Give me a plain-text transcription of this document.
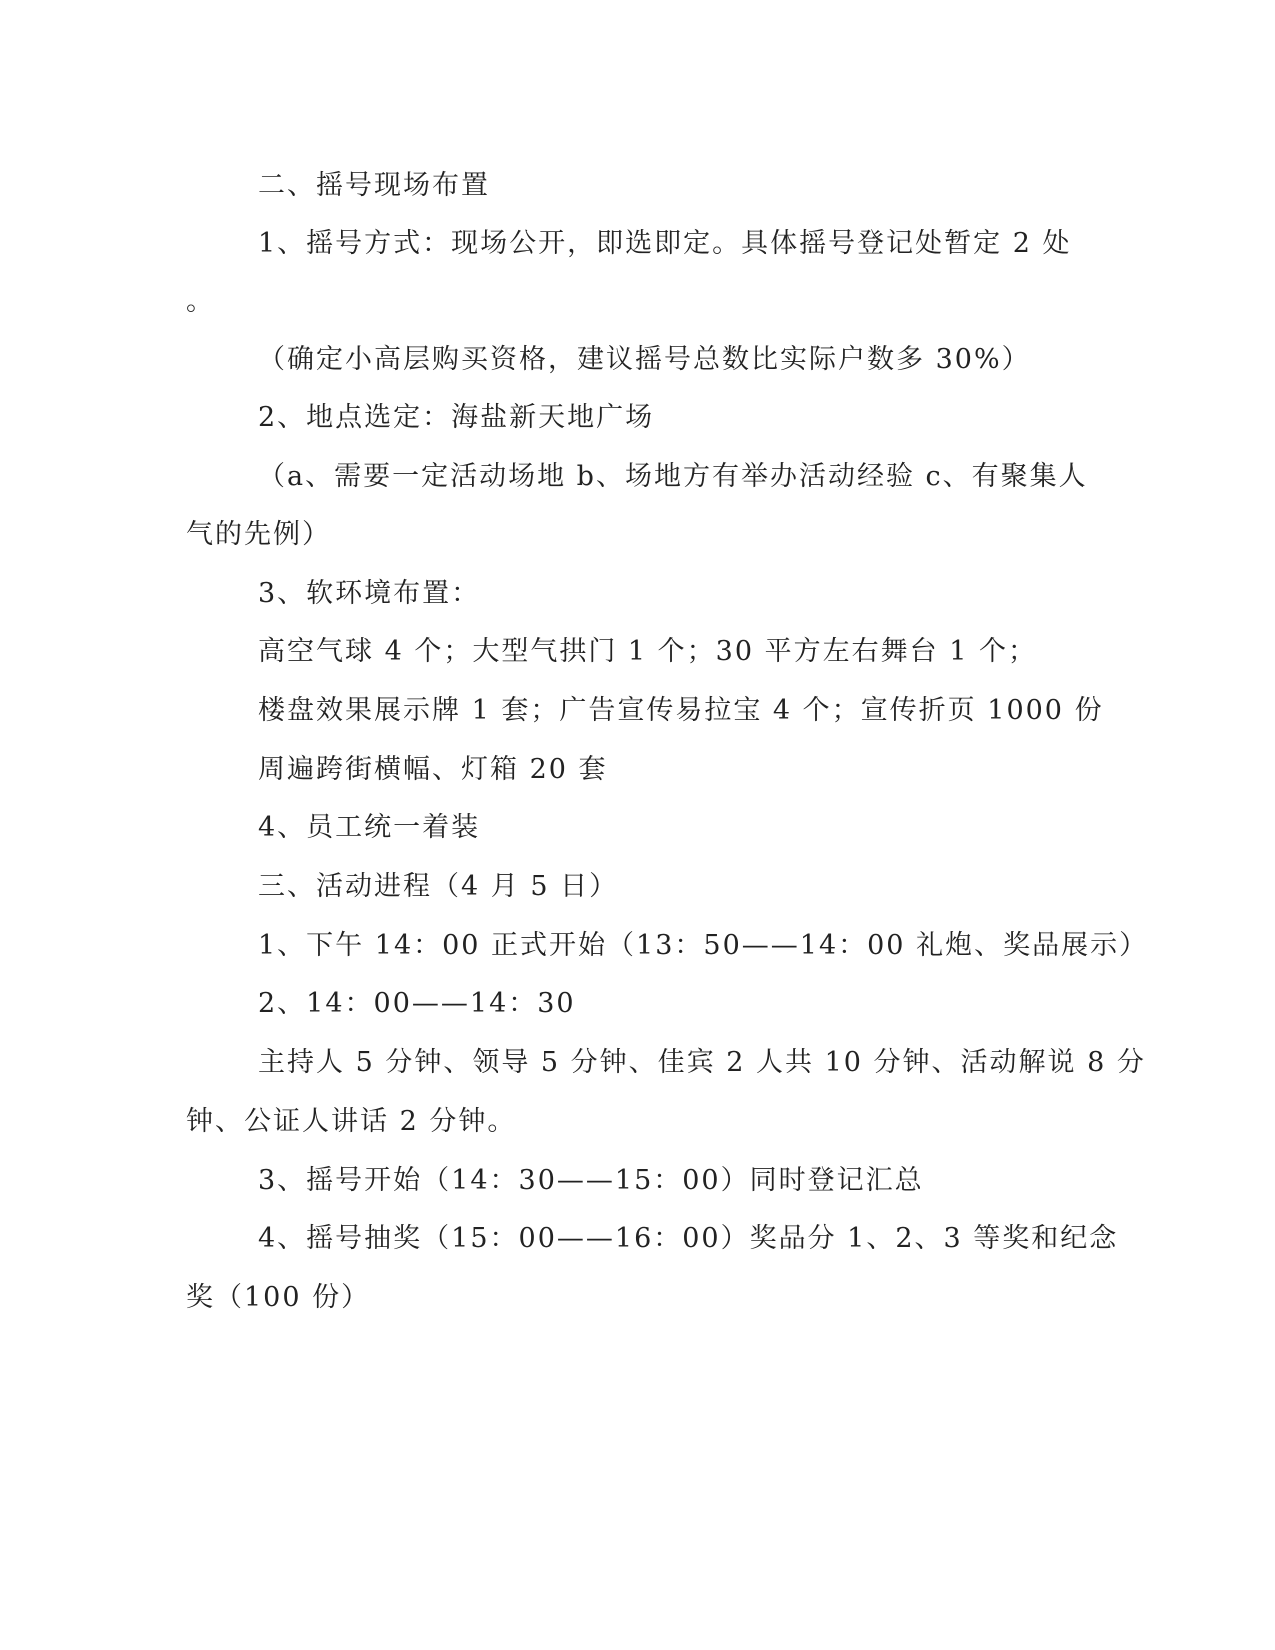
二、摇号现场布置

1、摇号方式：现场公开，即选即定。具体摇号登记处暂定 2 处

。

（确定小高层购买资格，建议摇号总数比实际户数多 30%）

2、地点选定：海盐新天地广场

（a、需要一定活动场地 b、场地方有举办活动经验 c、有聚集人

气的先例）

3、软环境布置：

高空气球 4 个；大型气拱门 1 个；30 平方左右舞台 1 个；

楼盘效果展示牌 1 套；广告宣传易拉宝 4 个；宣传折页 1000 份

周遍跨街横幅、灯箱 20 套

4、员工统一着装

三、活动进程（4 月 5 日）

1、下午 14：00 正式开始（13：50——14：00 礼炮、奖品展示）

2、14：00——14：30

主持人 5 分钟、领导 5 分钟、佳宾 2 人共 10 分钟、活动解说 8 分

钟、公证人讲话 2 分钟。

3、摇号开始（14：30——15：00）同时登记汇总

4、摇号抽奖（15：00——16：00）奖品分 1、2、3 等奖和纪念

奖（100 份）
